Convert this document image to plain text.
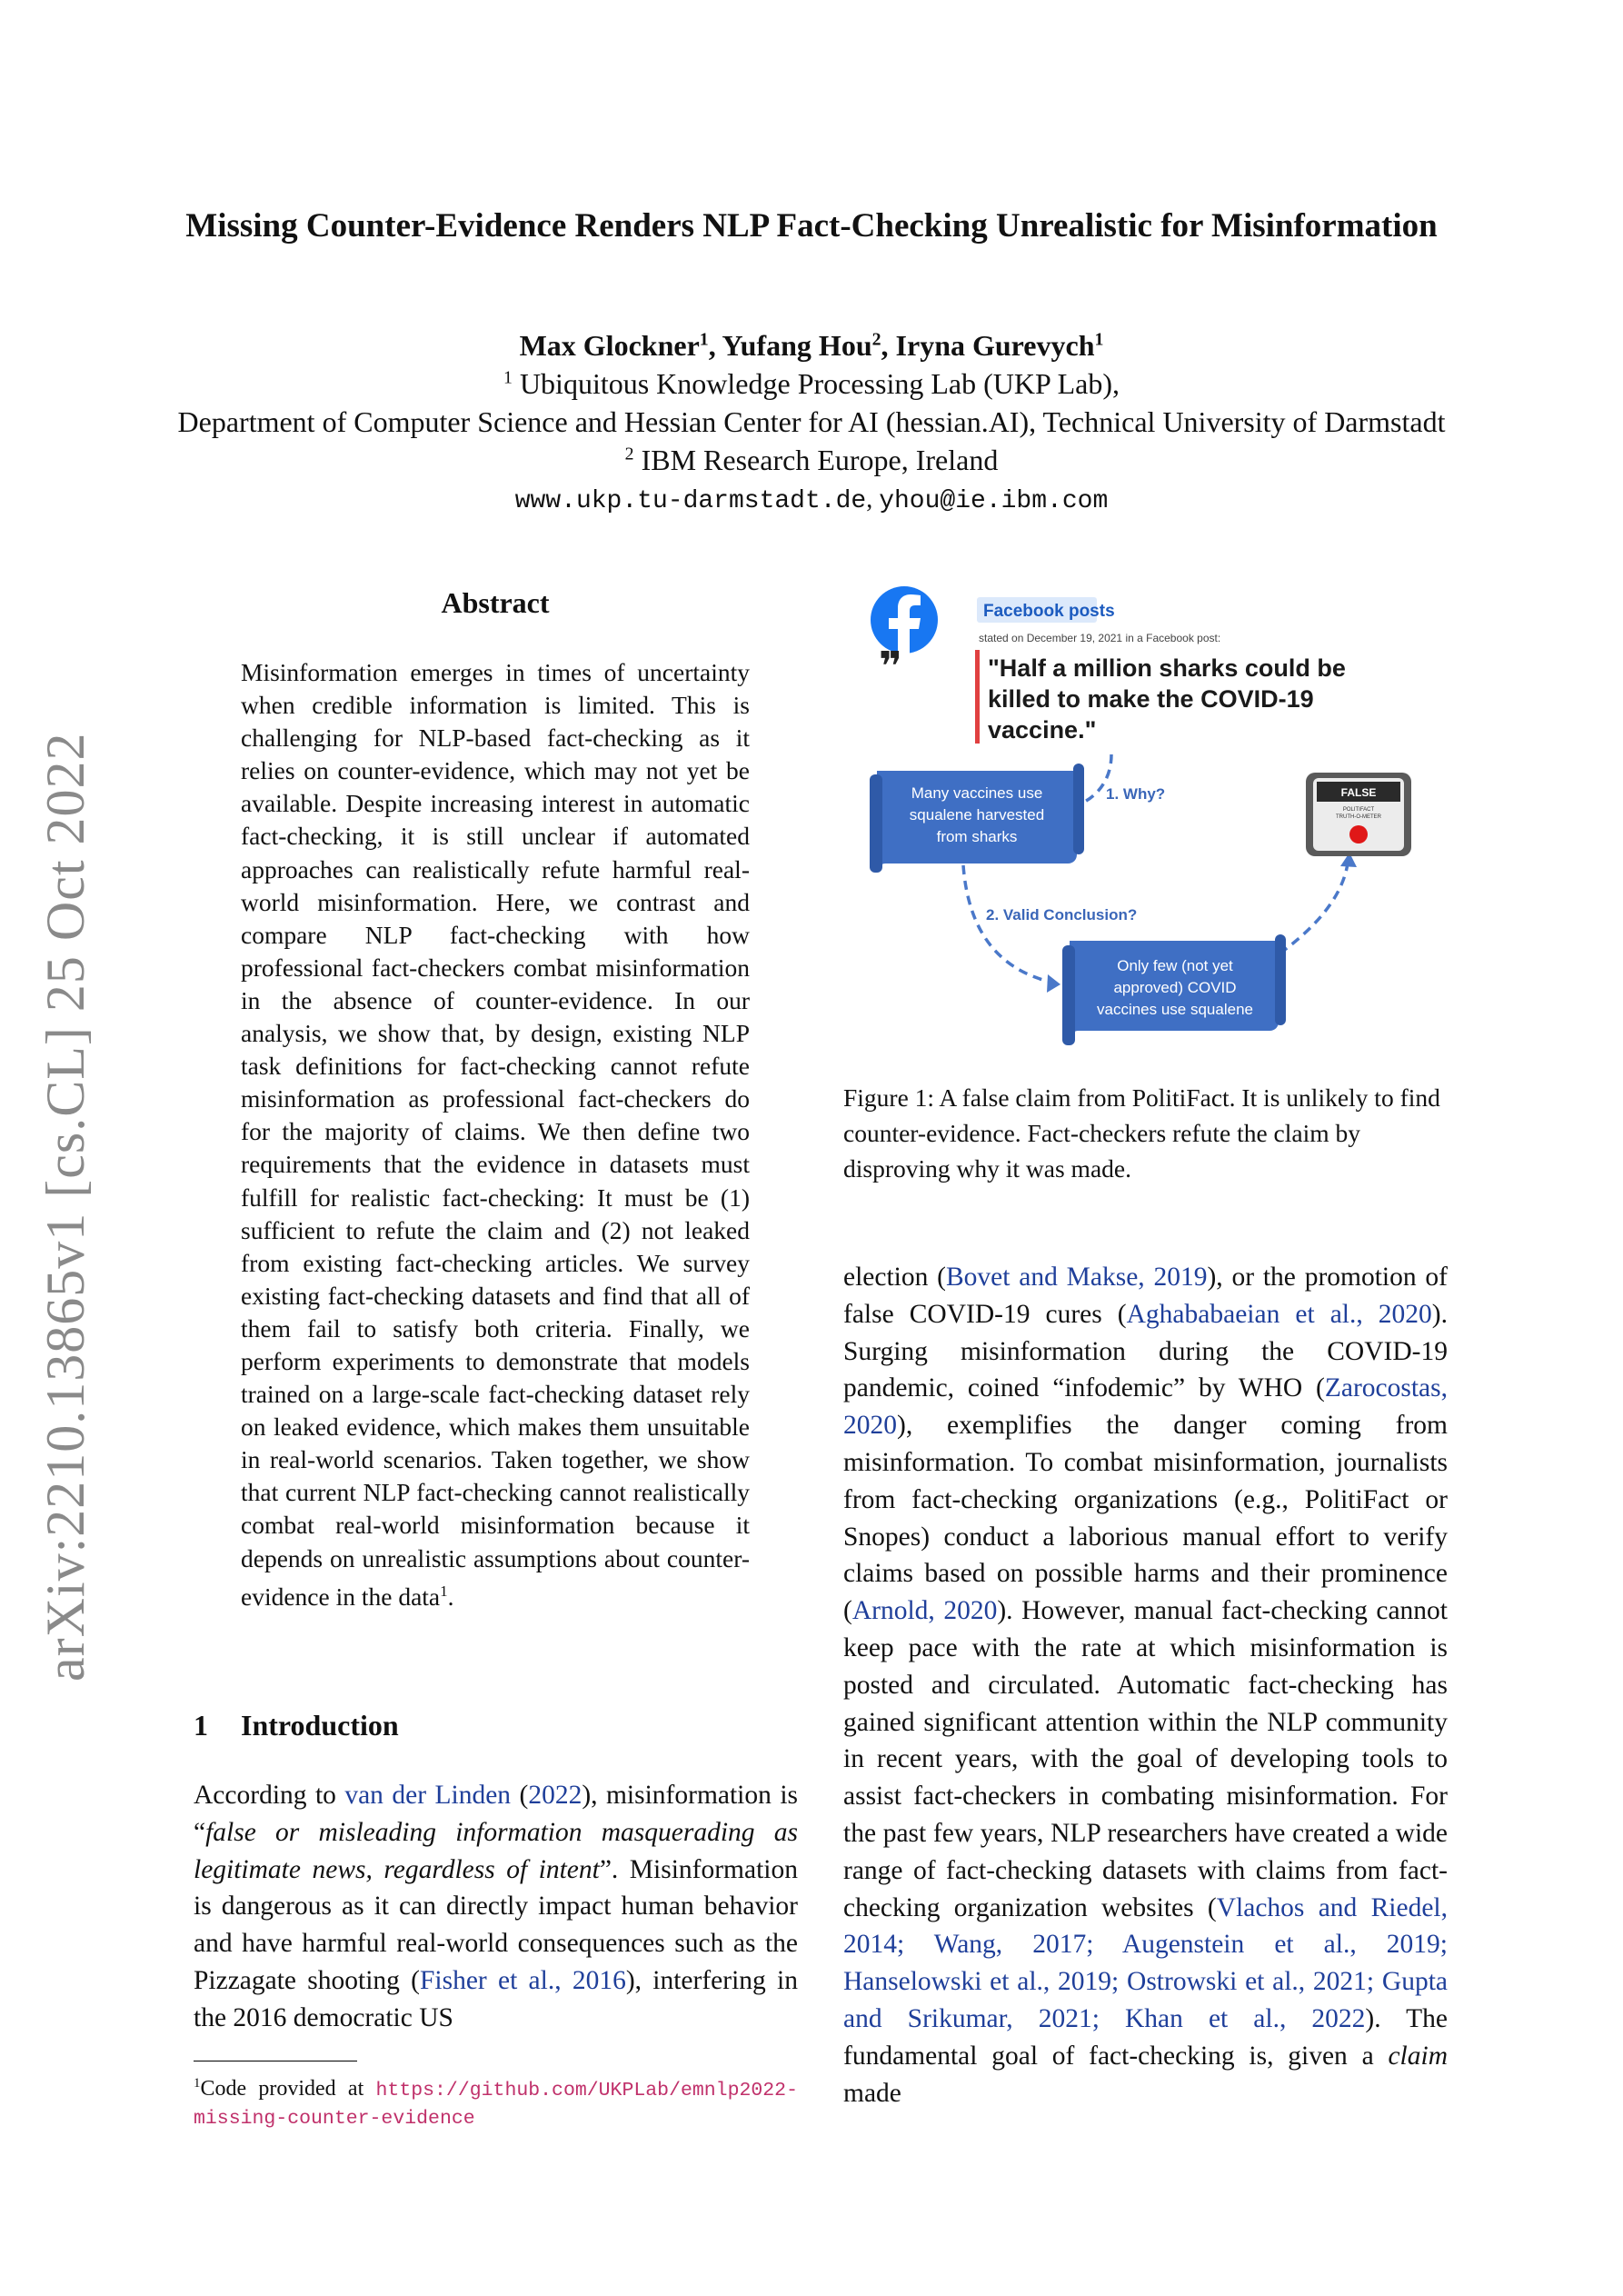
arXiv:2210.13865v1 [cs.CL] 25 Oct 2022
Missing Counter-Evidence Renders NLP Fact-Checking Unrealistic for Misinformation
Max Glockner$^1$, Yufang Hou$^2$, Iryna Gurevych$^1$
$^1$ Ubiquitous Knowledge Processing Lab (UKP Lab),
Department of Computer Science and Hessian Center for AI (hessian.AI), Technical University of Darmstadt
$^2$ IBM Research Europe, Ireland
www.ukp.tu-darmstadt.de, yhou@ie.ibm.com
Abstract
Misinformation emerges in times of uncertainty when credible information is limited. This is challenging for NLP-based fact-checking as it relies on counter-evidence, which may not yet be available. Despite increasing interest in automatic fact-checking, it is still unclear if automated approaches can realistically refute harmful real-world misinformation. Here, we contrast and compare NLP fact-checking with how professional fact-checkers combat misinformation in the absence of counter-evidence. In our analysis, we show that, by design, existing NLP task definitions for fact-checking cannot refute misinformation as professional fact-checkers do for the majority of claims. We then define two requirements that the evidence in datasets must fulfill for realistic fact-checking: It must be (1) sufficient to refute the claim and (2) not leaked from existing fact-checking articles. We survey existing fact-checking datasets and find that all of them fail to satisfy both criteria. Finally, we perform experiments to demonstrate that models trained on a large-scale fact-checking dataset rely on leaked evidence, which makes them unsuitable in real-world scenarios. Taken together, we show that current NLP fact-checking cannot realistically combat real-world misinformation because it depends on unrealistic assumptions about counter-evidence in the data$^1$.
1 Introduction
According to van der Linden (2022), misinformation is “false or misleading information masquerading as legitimate news, regardless of intent”. Misinformation is dangerous as it can directly impact human behavior and have harmful real-world consequences such as the Pizzagate shooting (Fisher et al., 2016), interfering in the 2016 democratic US
$^1$Code provided at https://github.com/UKPLab/emnlp2022-missing-counter-evidence
election (Bovet and Makse, 2019), or the promotion of false COVID-19 cures (Aghababaeian et al., 2020). Surging misinformation during the COVID-19 pandemic, coined “infodemic” by WHO (Zarocostas, 2020), exemplifies the danger coming from misinformation. To combat misinformation, journalists from fact-checking organizations (e.g., PolitiFact or Snopes) conduct a laborious manual effort to verify claims based on possible harms and their prominence (Arnold, 2020). However, manual fact-checking cannot keep pace with the rate at which misinformation is posted and circulated. Automatic fact-checking has gained significant attention within the NLP community in recent years, with the goal of developing tools to assist fact-checkers in combating misinformation. For the past few years, NLP researchers have created a wide range of fact-checking datasets with claims from fact-checking organization websites (Vlachos and Riedel, 2014; Wang, 2017; Augenstein et al., 2019; Hanselowski et al., 2019; Ostrowski et al., 2021; Gupta and Srikumar, 2021; Khan et al., 2022). The fundamental goal of fact-checking is, given a claim made
❞
Facebook posts
stated on December 19, 2021 in a Facebook post:
"Half a million sharks could be
killed to make the COVID-19
vaccine."
1. Why?
2. Valid Conclusion?
Many vaccines use
squalene harvested
from sharks
Only few (not yet
approved) COVID
vaccines use squalene
FALSE
POLITIFACT
TRUTH-O-METER
Figure 1: A false claim from PolitiFact. It is unlikely to find counter-evidence. Fact-checkers refute the claim by disproving why it was made.
